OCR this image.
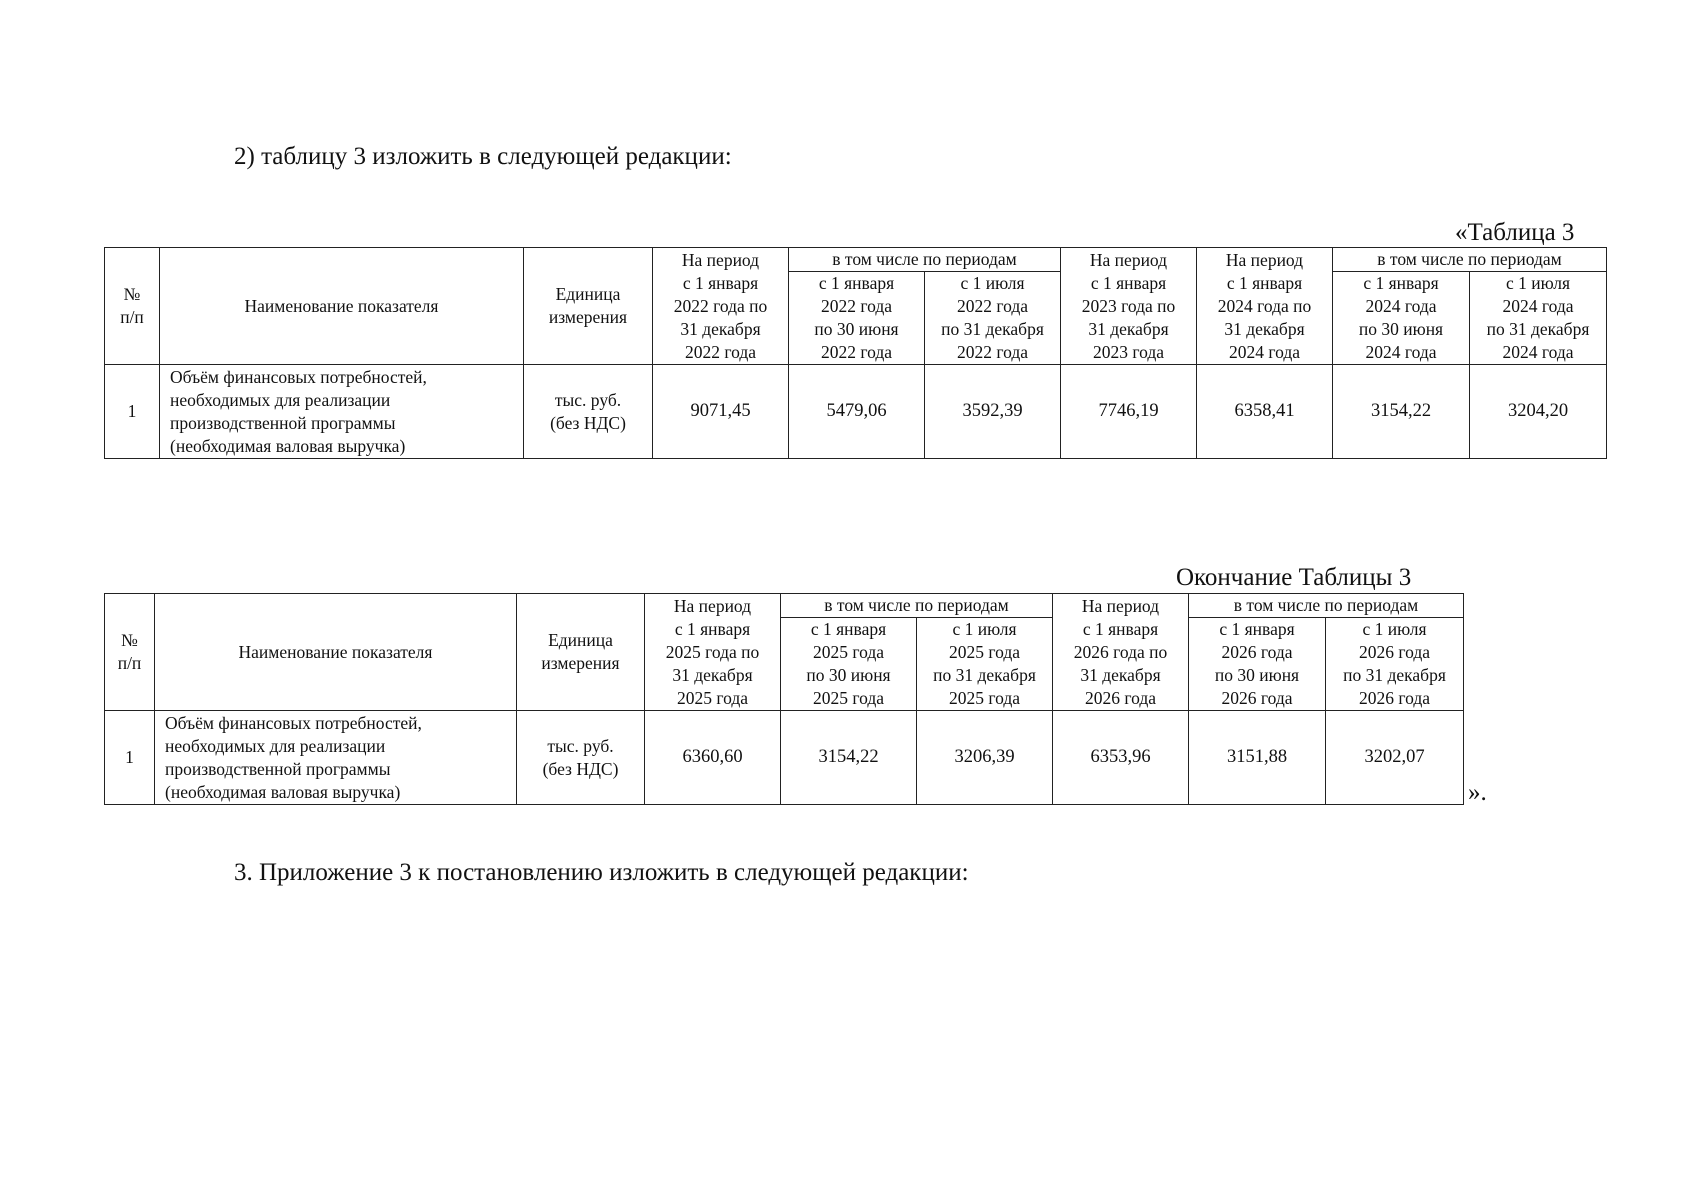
2) таблицу 3 изложить в следующей редакции:
«Таблица 3
№
п/п	Наименование показателя	Единица
измерения	На период
с 1 января
2022 года по
31 декабря
2022 года	в том числе по периодам		На период
с 1 января
2023 года по
31 декабря
2023 года	На период
с 1 января
2024 года по
31 декабря
2024 года	в том числе по периодам	
				с 1 января
2022 года
по 30 июня
2022 года	с 1 июля
2022 года
по 31 декабря
2022 года			с 1 января
2024 года
по 30 июня
2024 года	с 1 июля
2024 года
по 31 декабря
2024 года
1	Объём финансовых потребностей,
необходимых для реализации
производственной программы
(необходимая валовая выручка)	тыс. руб.
(без НДС)	9071,45	5479,06	3592,39	7746,19	6358,41	3154,22	3204,20
Окончание Таблицы 3
№
п/п	Наименование показателя	Единица
измерения	На период
с 1 января
2025 года по
31 декабря
2025 года	в том числе по периодам		На период
с 1 января
2026 года по
31 декабря
2026 года	в том числе по периодам	
				с 1 января
2025 года
по 30 июня
2025 года	с 1 июля
2025 года
по 31 декабря
2025 года		с 1 января
2026 года
по 30 июня
2026 года	с 1 июля
2026 года
по 31 декабря
2026 года
1	Объём финансовых потребностей,
необходимых для реализации
производственной программы
(необходимая валовая выручка)	тыс. руб.
(без НДС)	6360,60	3154,22	3206,39	6353,96	3151,88	3202,07
».
3. Приложение 3 к постановлению изложить в следующей редакции:
